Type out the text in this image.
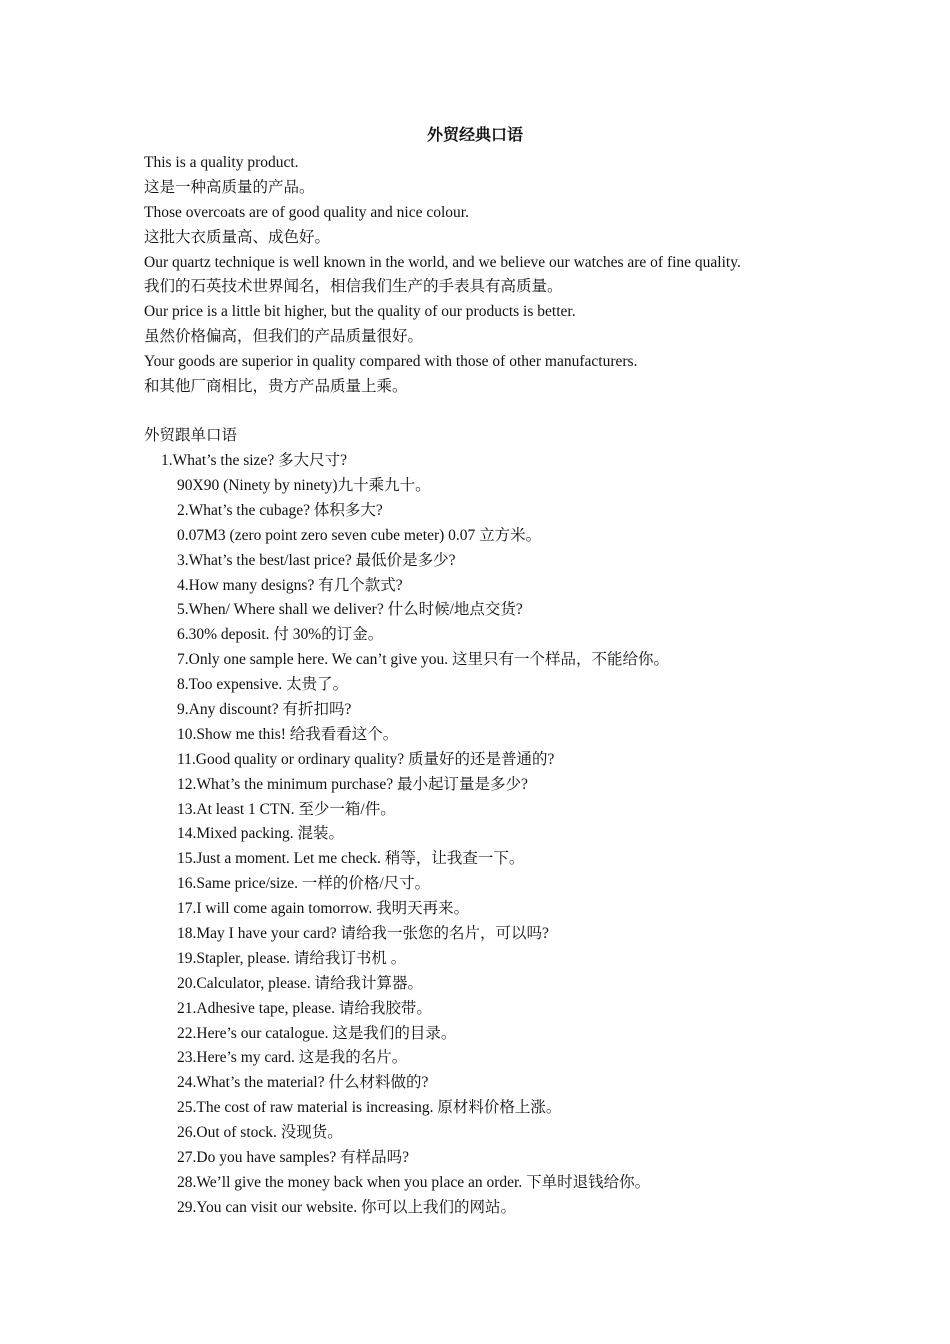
外贸经典口语
This is a quality product.
这是一种高质量的产品。
Those overcoats are of good quality and nice colour.
这批大衣质量高、成色好。
Our quartz technique is well known in the world, and we believe our watches are of fine quality.
我们的石英技术世界闻名，相信我们生产的手表具有高质量。
Our price is a little bit higher, but the quality of our products is better.
虽然价格偏高，但我们的产品质量很好。
Your goods are superior in quality compared with those of other manufacturers.
和其他厂商相比，贵方产品质量上乘。
外贸跟单口语
1.What’s the size? 多大尺寸?
90X90 (Ninety by ninety)九十乘九十。
2.What’s the cubage? 体积多大?
0.07M3 (zero point zero seven cube meter) 0.07 立方米。
3.What’s the best/last price? 最低价是多少?
4.How many designs? 有几个款式?
5.When/ Where shall we deliver? 什么时候/地点交货?
6.30% deposit. 付 30%的订金。
7.Only one sample here. We can’t give you. 这里只有一个样品，不能给你。
8.Too expensive. 太贵了。
9.Any discount? 有折扣吗?
10.Show me this! 给我看看这个。
11.Good quality or ordinary quality? 质量好的还是普通的?
12.What’s the minimum purchase? 最小起订量是多少?
13.At least 1 CTN. 至少一箱/件。
14.Mixed packing. 混装。
15.Just a moment. Let me check. 稍等，让我查一下。
16.Same price/size. 一样的价格/尺寸。
17.I will come again tomorrow. 我明天再来。
18.May I have your card? 请给我一张您的名片，可以吗?
19.Stapler, please. 请给我订书机 。
20.Calculator, please. 请给我计算器。
21.Adhesive tape, please. 请给我胶带。
22.Here’s our catalogue. 这是我们的目录。
23.Here’s my card. 这是我的名片。
24.What’s the material? 什么材料做的?
25.The cost of raw material is increasing. 原材料价格上涨。
26.Out of stock. 没现货。
27.Do you have samples? 有样品吗?
28.We’ll give the money back when you place an order. 下单时退钱给你。
29.You can visit our website. 你可以上我们的网站。
